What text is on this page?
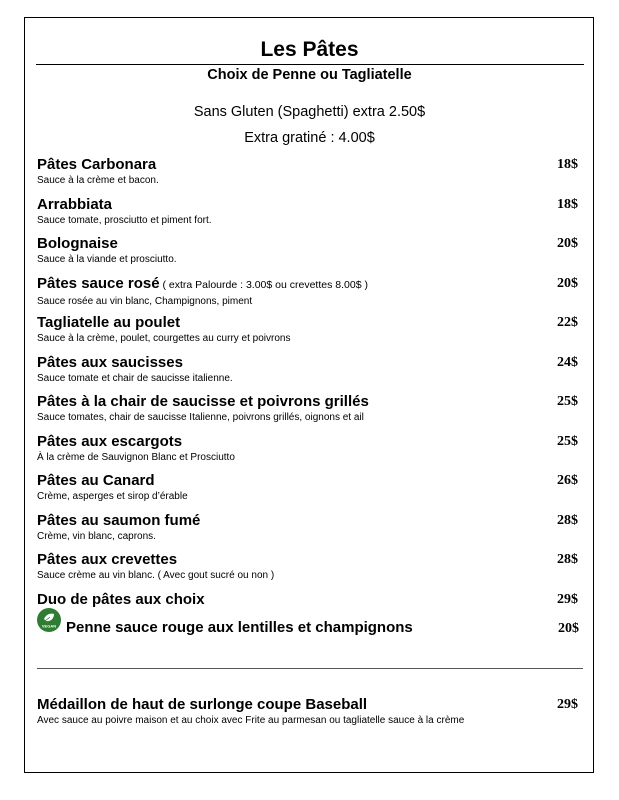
Les Pâtes
Choix de Penne ou Tagliatelle
Sans Gluten (Spaghetti) extra 2.50$
Extra gratiné : 4.00$
Pâtes Carbonara
Sauce à la crème et bacon.
18$
Arrabbiata
Sauce tomate, prosciutto et piment fort.
18$
Bolognaise
Sauce à la viande et prosciutto.
20$
Pâtes sauce rosé ( extra Palourde : 3.00$ ou crevettes 8.00$ )
Sauce rosée au vin blanc, Champignons, piment
20$
Tagliatelle au poulet
Sauce à la crème, poulet, courgettes au curry et poivrons
22$
Pâtes aux saucisses
Sauce tomate et chair de saucisse italienne.
24$
Pâtes à la chair de saucisse et poivrons grillés
Sauce tomates, chair de saucisse Italienne, poivrons grillés, oignons et ail
25$
Pâtes aux escargots
À la crème de Sauvignon Blanc et Prosciutto
25$
Pâtes au Canard
Crème, asperges et sirop d’érable
26$
Pâtes au saumon fumé
Crème, vin blanc, caprons.
28$
Pâtes aux crevettes
Sauce crème au vin blanc. ( Avec gout sucré ou non )
28$
Duo de pâtes aux choix	29$
VEGAN Penne sauce rouge aux lentilles et champignons	20$
Médaillon de haut de surlonge coupe Baseball
Avec sauce au poivre maison et au choix avec Frite au parmesan ou tagliatelle sauce à la crème
29$
